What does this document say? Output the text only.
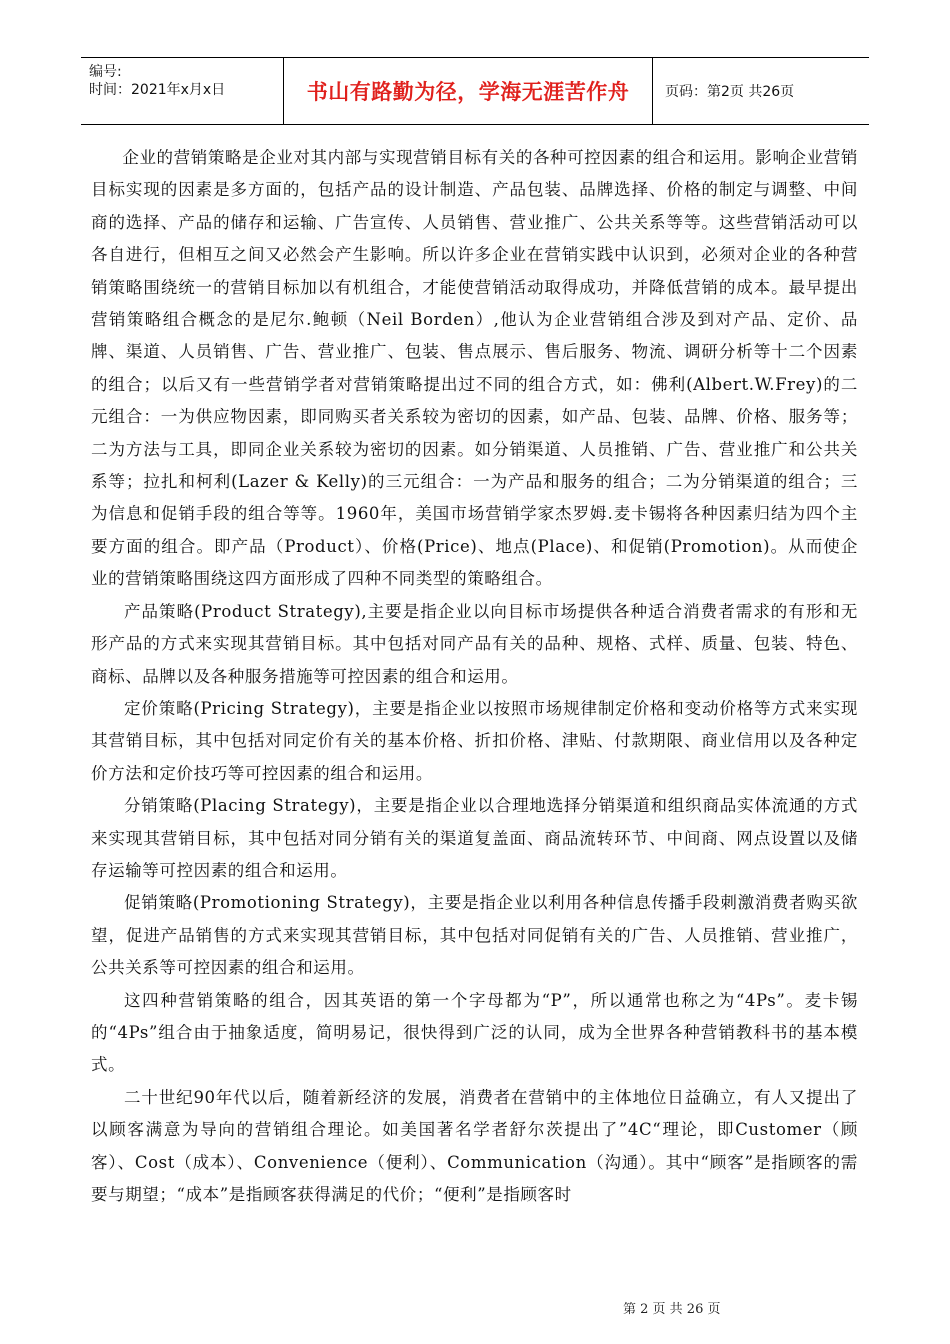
编号:
时间：2021年x月x日	书山有路勤为径，学海无涯苦作舟	页码：第2页 共26页

企业的营销策略是企业对其内部与实现营销目标有关的各种可控因素的组合和运用。影响企业营销目标实现的因素是多方面的，包括产品的设计制造、产品包装、品牌选择、价格的制定与调整、中间商的选择、产品的储存和运输、广告宣传、人员销售、营业推广、公共关系等等。这些营销活动可以各自进行，但相互之间又必然会产生影响。所以许多企业在营销实践中认识到，必须对企业的各种营销策略围绕统一的营销目标加以有机组合，才能使营销活动取得成功，并降低营销的成本。最早提出营销策略组合概念的是尼尔.鲍顿（Neil Borden）,他认为企业营销组合涉及到对产品、定价、品牌、渠道、人员销售、广告、营业推广、包装、售点展示、售后服务、物流、调研分析等十二个因素的组合；以后又有一些营销学者对营销策略提出过不同的组合方式，如：佛利(Albert.W.Frey)的二元组合：一为供应物因素，即同购买者关系较为密切的因素，如产品、包装、品牌、价格、服务等；二为方法与工具，即同企业关系较为密切的因素。如分销渠道、人员推销、广告、营业推广和公共关系等；拉扎和柯利(Lazer & Kelly)的三元组合：一为产品和服务的组合；二为分销渠道的组合；三为信息和促销手段的组合等等。1960年，美国市场营销学家杰罗姆.麦卡锡将各种因素归结为四个主要方面的组合。即产品（Product）、价格(Price)、地点(Place)、和促销(Promotion)。从而使企业的营销策略围绕这四方面形成了四种不同类型的策略组合。

产品策略(Product Strategy),主要是指企业以向目标市场提供各种适合消费者需求的有形和无形产品的方式来实现其营销目标。其中包括对同产品有关的品种、规格、式样、质量、包装、特色、商标、品牌以及各种服务措施等可控因素的组合和运用。

定价策略(Pricing Strategy)，主要是指企业以按照市场规律制定价格和变动价格等方式来实现其营销目标，其中包括对同定价有关的基本价格、折扣价格、津贴、付款期限、商业信用以及各种定价方法和定价技巧等可控因素的组合和运用。

分销策略(Placing Strategy)，主要是指企业以合理地选择分销渠道和组织商品实体流通的方式来实现其营销目标，其中包括对同分销有关的渠道复盖面、商品流转环节、中间商、网点设置以及储存运输等可控因素的组合和运用。

促销策略(Promotioning Strategy)，主要是指企业以利用各种信息传播手段刺激消费者购买欲望，促进产品销售的方式来实现其营销目标，其中包括对同促销有关的广告、人员推销、营业推广，公共关系等可控因素的组合和运用。

这四种营销策略的组合，因其英语的第一个字母都为“P”，所以通常也称之为“4Ps”。麦卡锡的“4Ps”组合由于抽象适度，简明易记，很快得到广泛的认同，成为全世界各种营销教科书的基本模式。

二十世纪90年代以后，随着新经济的发展，消费者在营销中的主体地位日益确立，有人又提出了以顾客满意为导向的营销组合理论。如美国著名学者舒尔茨提出了”4C“理论，即Customer（顾客）、Cost（成本）、Convenience（便利）、Communication（沟通）。其中“顾客”是指顾客的需要与期望；“成本”是指顾客获得满足的代价；“便利”是指顾客时

第 2 页 共 26 页
